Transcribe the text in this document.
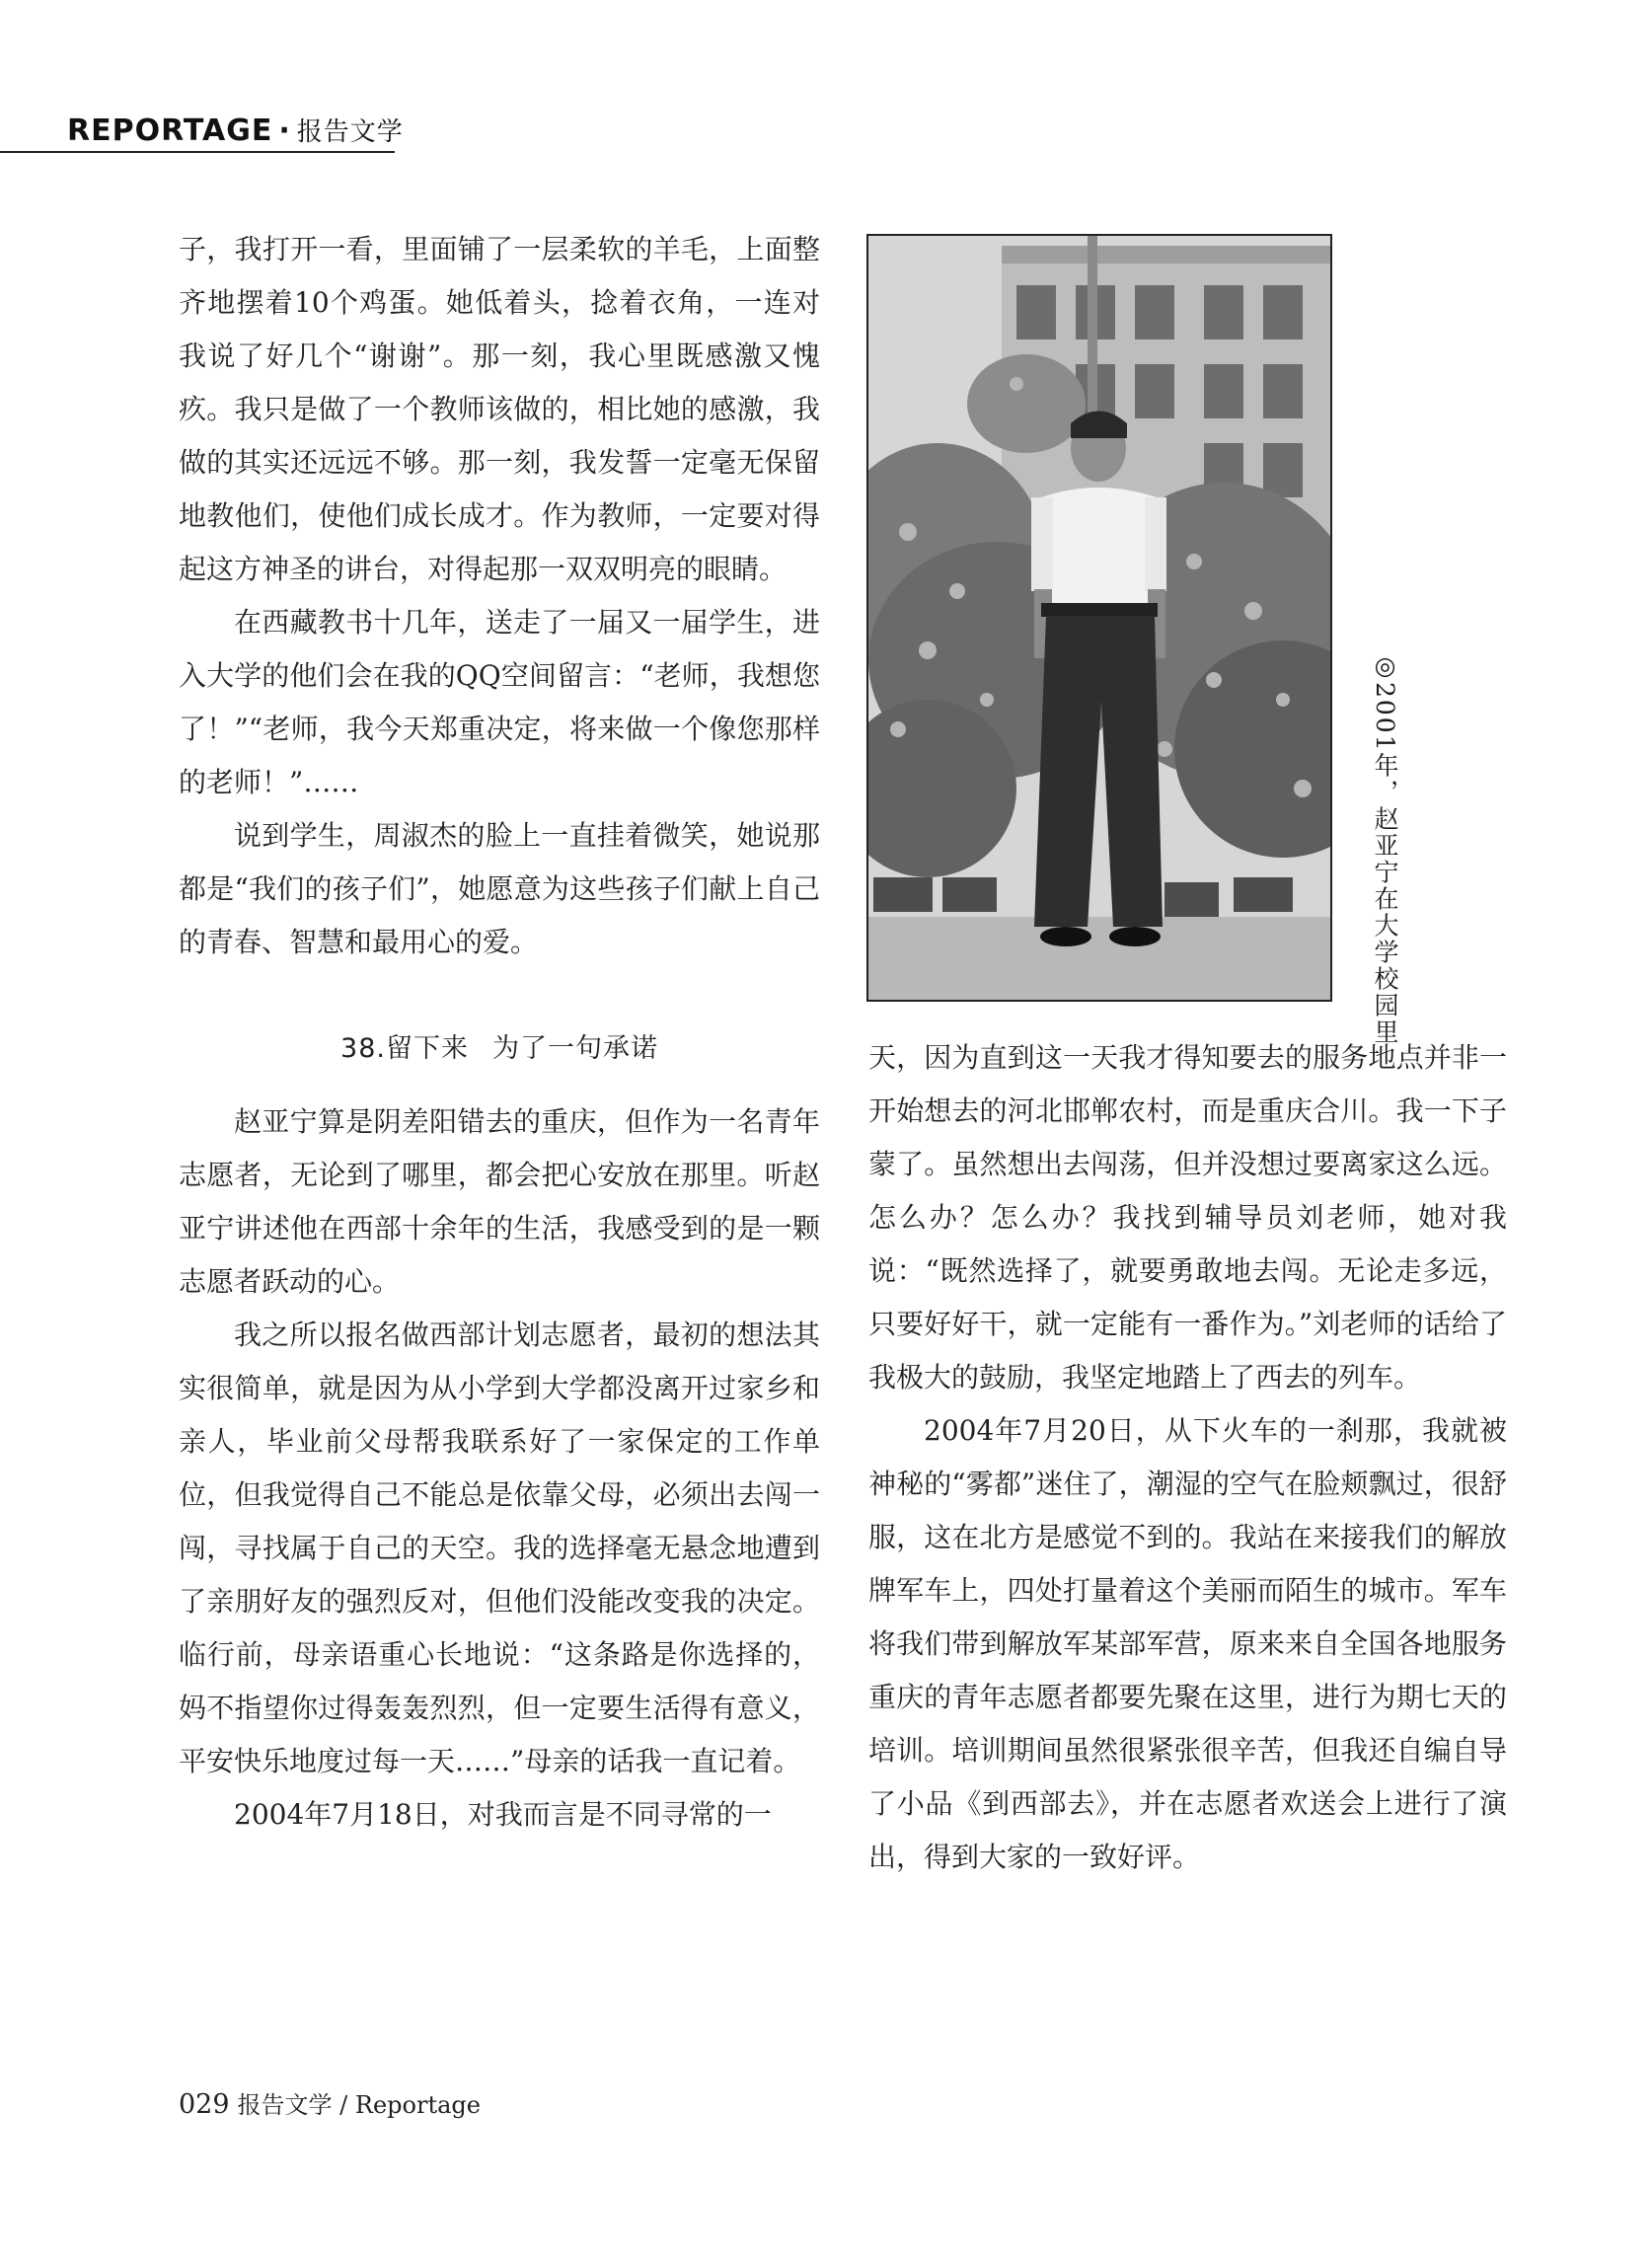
REPORTAGE · 报告文学

子，我打开一看，里面铺了一层柔软的羊毛，上面整齐地摆着10个鸡蛋。她低着头，捻着衣角，一连对我说了好几个“谢谢”。那一刻，我心里既感激又愧疚。我只是做了一个教师该做的，相比她的感激，我做的其实还远远不够。那一刻，我发誓一定毫无保留地教他们，使他们成长成才。作为教师，一定要对得起这方神圣的讲台，对得起那一双双明亮的眼睛。

在西藏教书十几年，送走了一届又一届学生，进入大学的他们会在我的QQ空间留言：“老师，我想您了！”“老师，我今天郑重决定，将来做一个像您那样的老师！”……

说到学生，周淑杰的脸上一直挂着微笑，她说那都是“我们的孩子们”，她愿意为这些孩子们献上自己的青春、智慧和最用心的爱。

38.留下来 为了一句承诺

赵亚宁算是阴差阳错去的重庆，但作为一名青年志愿者，无论到了哪里，都会把心安放在那里。听赵亚宁讲述他在西部十余年的生活，我感受到的是一颗志愿者跃动的心。

我之所以报名做西部计划志愿者，最初的想法其实很简单，就是因为从小学到大学都没离开过家乡和亲人，毕业前父母帮我联系好了一家保定的工作单位，但我觉得自己不能总是依靠父母，必须出去闯一闯，寻找属于自己的天空。我的选择毫无悬念地遭到了亲朋好友的强烈反对，但他们没能改变我的决定。临行前，母亲语重心长地说：“这条路是你选择的，妈不指望你过得轰轰烈烈，但一定要生活得有意义，平安快乐地度过每一天……”母亲的话我一直记着。

2004年7月18日，对我而言是不同寻常的一

◎2001年，赵亚宁在大学校园里

天，因为直到这一天我才得知要去的服务地点并非一开始想去的河北邯郸农村，而是重庆合川。我一下子蒙了。虽然想出去闯荡，但并没想过要离家这么远。怎么办？怎么办？我找到辅导员刘老师，她对我说：“既然选择了，就要勇敢地去闯。无论走多远，只要好好干，就一定能有一番作为。”刘老师的话给了我极大的鼓励，我坚定地踏上了西去的列车。

2004年7月20日，从下火车的一刹那，我就被神秘的“雾都”迷住了，潮湿的空气在脸颊飘过，很舒服，这在北方是感觉不到的。我站在来接我们的解放牌军车上，四处打量着这个美丽而陌生的城市。军车将我们带到解放军某部军营，原来来自全国各地服务重庆的青年志愿者都要先聚在这里，进行为期七天的培训。培训期间虽然很紧张很辛苦，但我还自编自导了小品《到西部去》，并在志愿者欢送会上进行了演出，得到大家的一致好评。

029 报告文学 / Reportage
